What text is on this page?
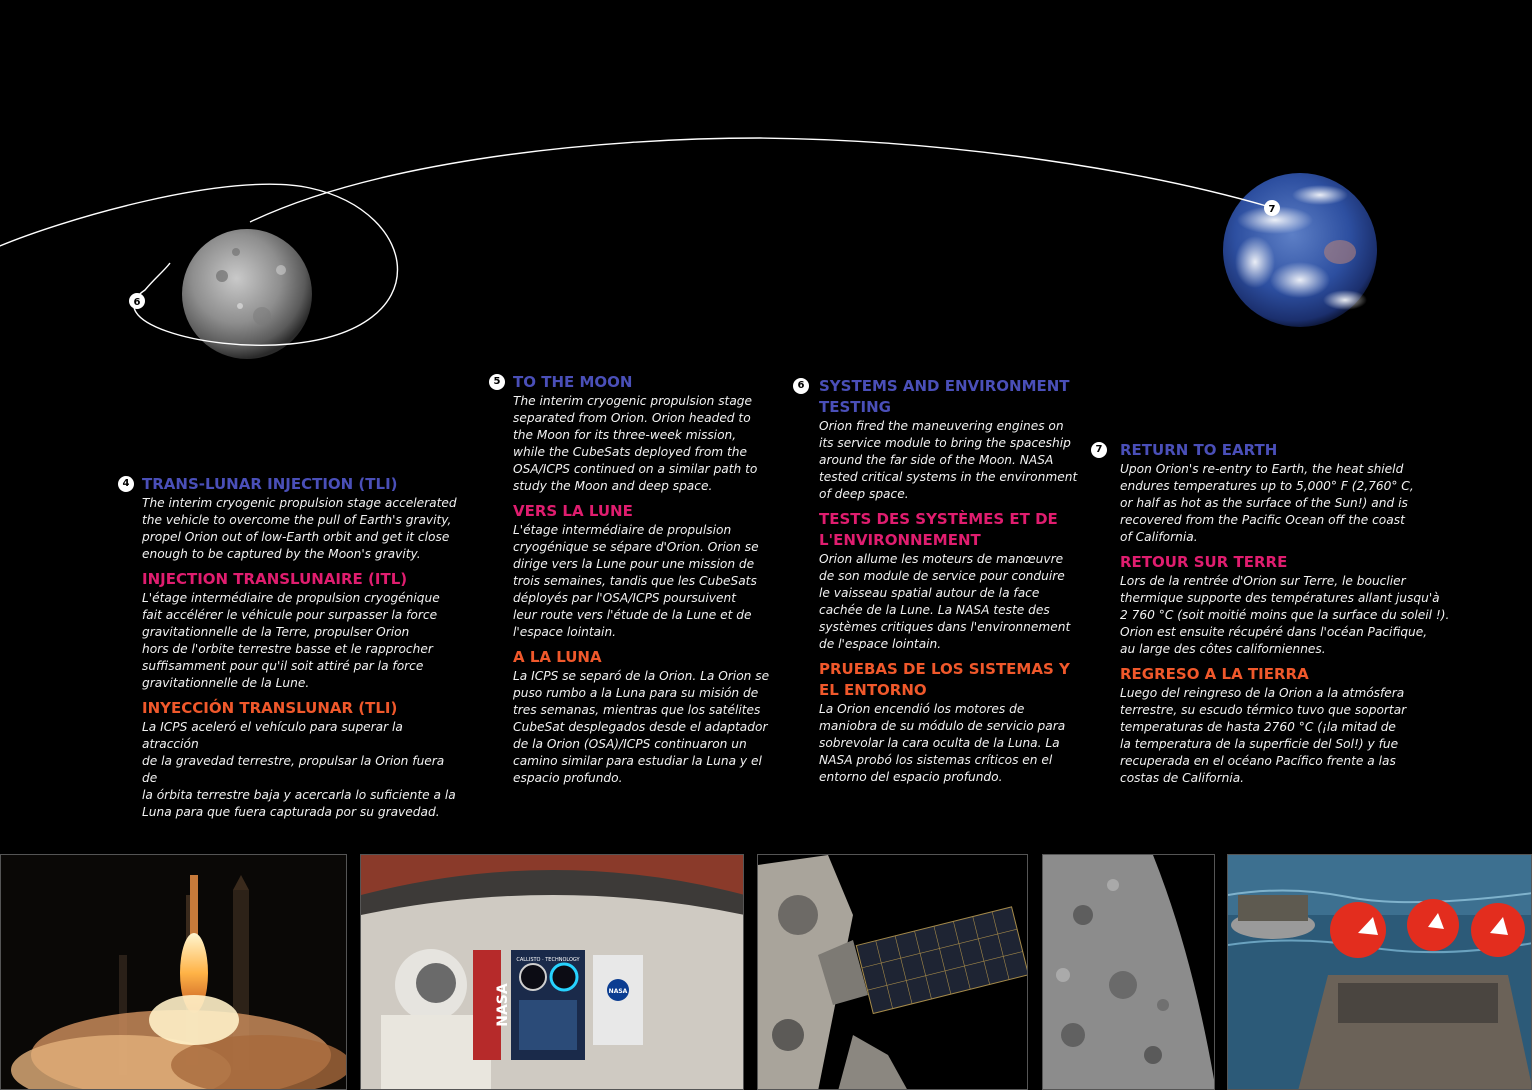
6
7
4 TRANS-LUNAR INJECTION (TLI)

The interim cryogenic propulsion stage accelerated
the vehicle to overcome the pull of Earth's gravity,
propel Orion out of low-Earth orbit and get it close
enough to be captured by the Moon's gravity.

INJECTION TRANSLUNAIRE (ITL)

L'étage intermédiaire de propulsion cryogénique
fait accélérer le véhicule pour surpasser la force
gravitationnelle de la Terre, propulser Orion
hors de l'orbite terrestre basse et le rapprocher
suffisamment pour qu'il soit attiré par la force
gravitationnelle de la Lune.

INYECCIÓN TRANSLUNAR (TLI)

La ICPS aceleró el vehículo para superar la atracción
de la gravedad terrestre, propulsar la Orion fuera de
la órbita terrestre baja y acercarla lo suficiente a la
Luna para que fuera capturada por su gravedad.

5 TO THE MOON

The interim cryogenic propulsion stage
separated from Orion. Orion headed to
the Moon for its three-week mission,
while the CubeSats deployed from the
OSA/ICPS continued on a similar path to
study the Moon and deep space.

VERS LA LUNE

L'étage intermédiaire de propulsion
cryogénique se sépare d'Orion. Orion se
dirige vers la Lune pour une mission de
trois semaines, tandis que les CubeSats
déployés par l'OSA/ICPS poursuivent
leur route vers l'étude de la Lune et de
l'espace lointain.

A LA LUNA

La ICPS se separó de la Orion. La Orion se
puso rumbo a la Luna para su misión de
tres semanas, mientras que los satélites
CubeSat desplegados desde el adaptador
de la Orion (OSA)/ICPS continuaron un
camino similar para estudiar la Luna y el
espacio profundo.

6 SYSTEMS AND ENVIRONMENT
TESTING

Orion fired the maneuvering engines on
its service module to bring the spaceship
around the far side of the Moon. NASA
tested critical systems in the environment
of deep space.

TESTS DES SYSTÈMES ET DE
L'ENVIRONNEMENT

Orion allume les moteurs de manœuvre
de son module de service pour conduire
le vaisseau spatial autour de la face
cachée de la Lune. La NASA teste des
systèmes critiques dans l'environnement
de l'espace lointain.

PRUEBAS DE LOS SISTEMAS Y
EL ENTORNO

La Orion encendió los motores de
maniobra de su módulo de servicio para
sobrevolar la cara oculta de la Luna. La
NASA probó los sistemas críticos en el
entorno del espacio profundo.

7	RETURN TO EARTH

Upon Orion's re-entry to Earth, the heat shield
endures temperatures up to 5,000° F (2,760° C,
or half as hot as the surface of the Sun!) and is
recovered from the Pacific Ocean off the coast
of California.

RETOUR SUR TERRE

Lors de la rentrée d'Orion sur Terre, le bouclier
thermique supporte des températures allant jusqu'à
2 760 °C (soit moitié moins que la surface du soleil !).
Orion est ensuite récupéré dans l'océan Pacifique,
au large des côtes californiennes.

REGRESO A LA TIERRA

Luego del reingreso de la Orion a la atmósfera
terrestre, su escudo térmico tuvo que soportar
temperaturas de hasta 2760 °C (¡la mitad de
la temperatura de la superficie del Sol!) y fue
recuperada en el océano Pacífico frente a las
costas de California.

CALLISTO · TECHNOLOGY
NASA
NASA
